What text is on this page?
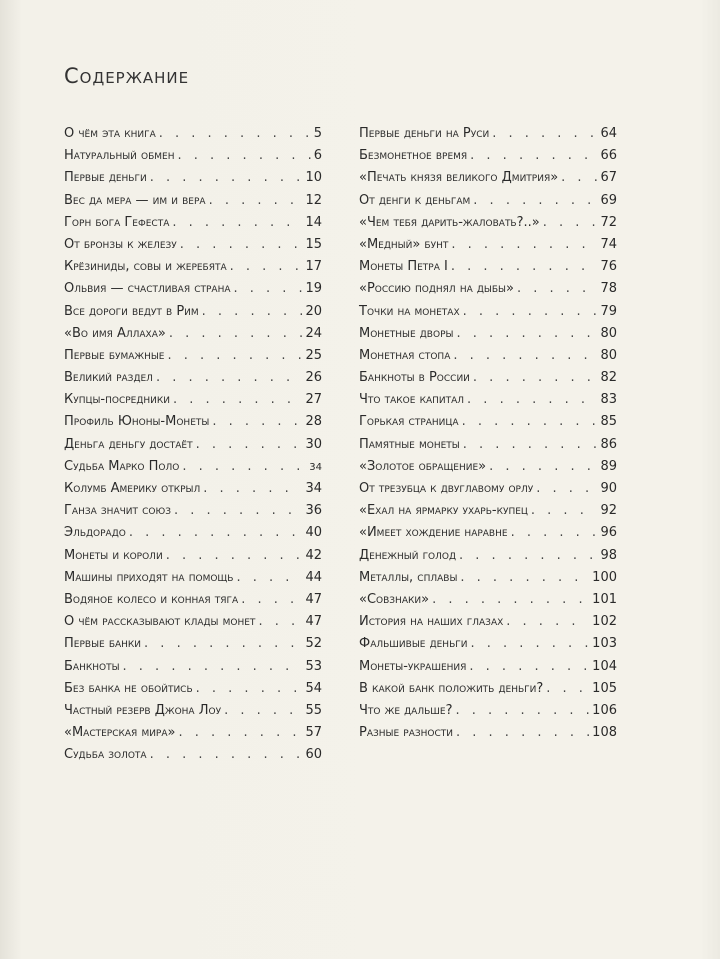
Содержание
О чём эта книга . . .	5
Натуральный обмен . . .	6
Первые деньги . . .	10
Вес да мера — им и вера . . .	12
Горн бога Гефеста . . .	14
От бронзы к железу . . .	15
Крёзиниды, совы и жеребята . . .	17
Ольвия — счастливая страна . . .	19
Все дороги ведут в Рим . . .	20
«Во имя Аллаха» . . .	24
Первые бумажные . . .	25
Великий раздел . . .	26
Купцы-посредники . . .	27
Профиль Юноны-Монеты . . .	28
Деньга деньгу достаёт . . .	30
Судьба Марко Поло . . .	34
Колумб Америку открыл . . .	34
Ганза значит союз . . .	36
Эльдорадо . . .	40
Монеты и короли . . .	42
Машины приходят на помощь . . .	44
Водяное колесо и конная тяга . . .	47
О чём рассказывают клады монет . . .	47
Первые банки . . .	52
Банкноты . . .	53
Без банка не обойтись . . .	54
Частный резерв Джона Лоу . . .	55
«Мастерская мира» . . .	57
Судьба золота . . .	60
Первые деньги на Руси . . .	64
Безмонетное время . . .	66
«Печать князя великого Дмитрия» . . .	67
От денги к деньгам . . .	69
«Чем тебя дарить-жаловать?..» . . .	72
«Медный» бунт . . .	74
Монеты Петра I . . .	76
«Россию поднял на дыбы» . . .	78
Точки на монетах . . .	79
Монетные дворы . . .	80
Монетная стопа . . .	80
Банкноты в России . . .	82
Что такое капитал . . .	83
Горькая страница . . .	85
Памятные монеты . . .	86
«Золотое обращение» . . .	89
От трезубца к двуглавому орлу . . .	90
«Ехал на ярмарку ухарь-купец . . .	92
«Имеет хождение наравне . . .	96
Денежный голод . . .	98
Металлы, сплавы . . .	100
«Совзнаки» . . .	101
История на наших глазах . . .	102
Фальшивые деньги . . .	103
Монеты-украшения . . .	104
В какой банк положить деньги? . . .	105
Что же дальше? . . .	106
Разные разности . . .	108
